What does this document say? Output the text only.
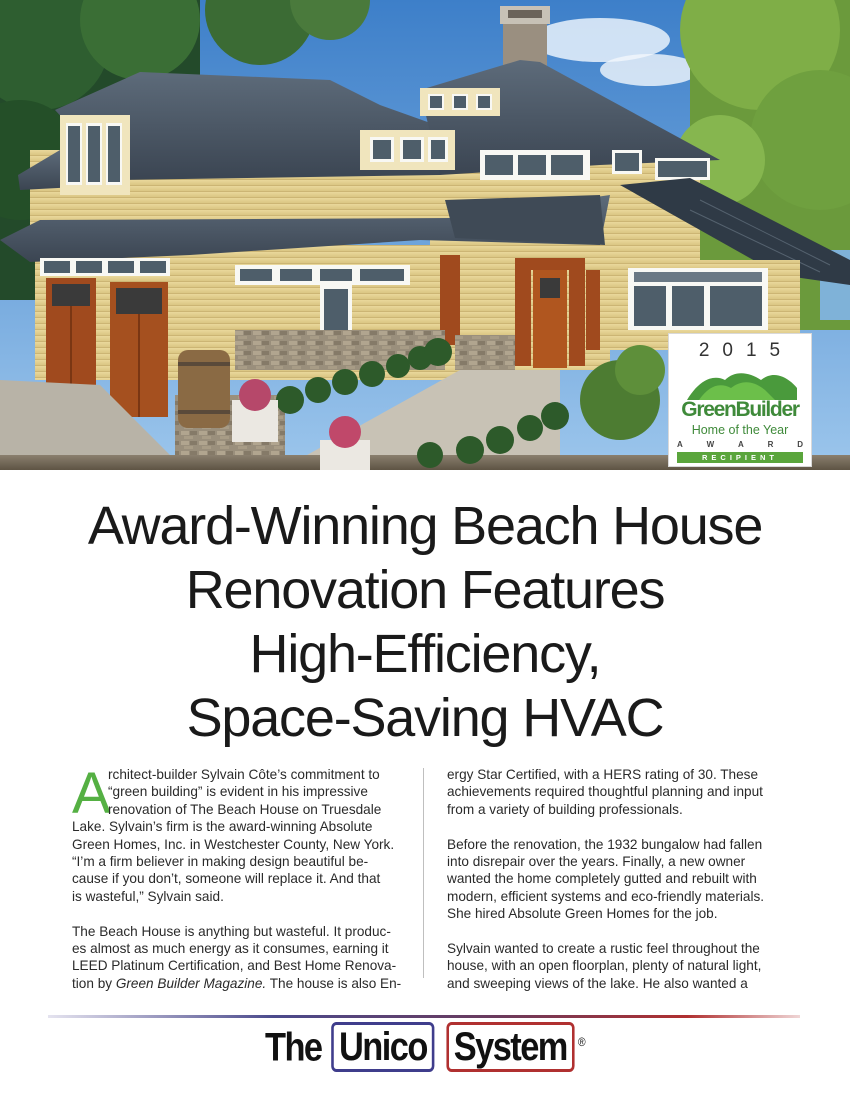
2015
GreenBuilder
Home of the Year
A	W	A	R	D
RECIPIENT
Award-Winning Beach House
Renovation Features
High-Efficiency,
Space-Saving HVAC
A

rchitect-builder Sylvain Côte’s commitment to
“green building” is evident in his impressive
renovation of The Beach House on Truesdale
Lake. Sylvain’s firm is the award-winning Absolute
Green Homes, Inc. in Westchester County, New York.
“I’m a firm believer in making design beautiful be-
cause if you don’t, someone will replace it. And that
is wasteful,” Sylvain said.

The Beach House is anything but wasteful. It produc-
es almost as much energy as it consumes, earning it
LEED Platinum Certification, and Best Home Renova-
tion by Green Builder Magazine. The house is also En-

ergy Star Certified, with a HERS rating of 30. These
achievements required thoughtful planning and input
from a variety of building professionals.

Before the renovation, the 1932 bungalow had fallen
into disrepair over the years. Finally, a new owner
wanted the home completely gutted and rebuilt with
modern, efficient systems and eco-friendly materials.
She hired Absolute Green Homes for the job.

Sylvain wanted to create a rustic feel throughout the
house, with an open floorplan, plenty of natural light,
and sweeping views of the lake. He also wanted a

The Unico System ®
